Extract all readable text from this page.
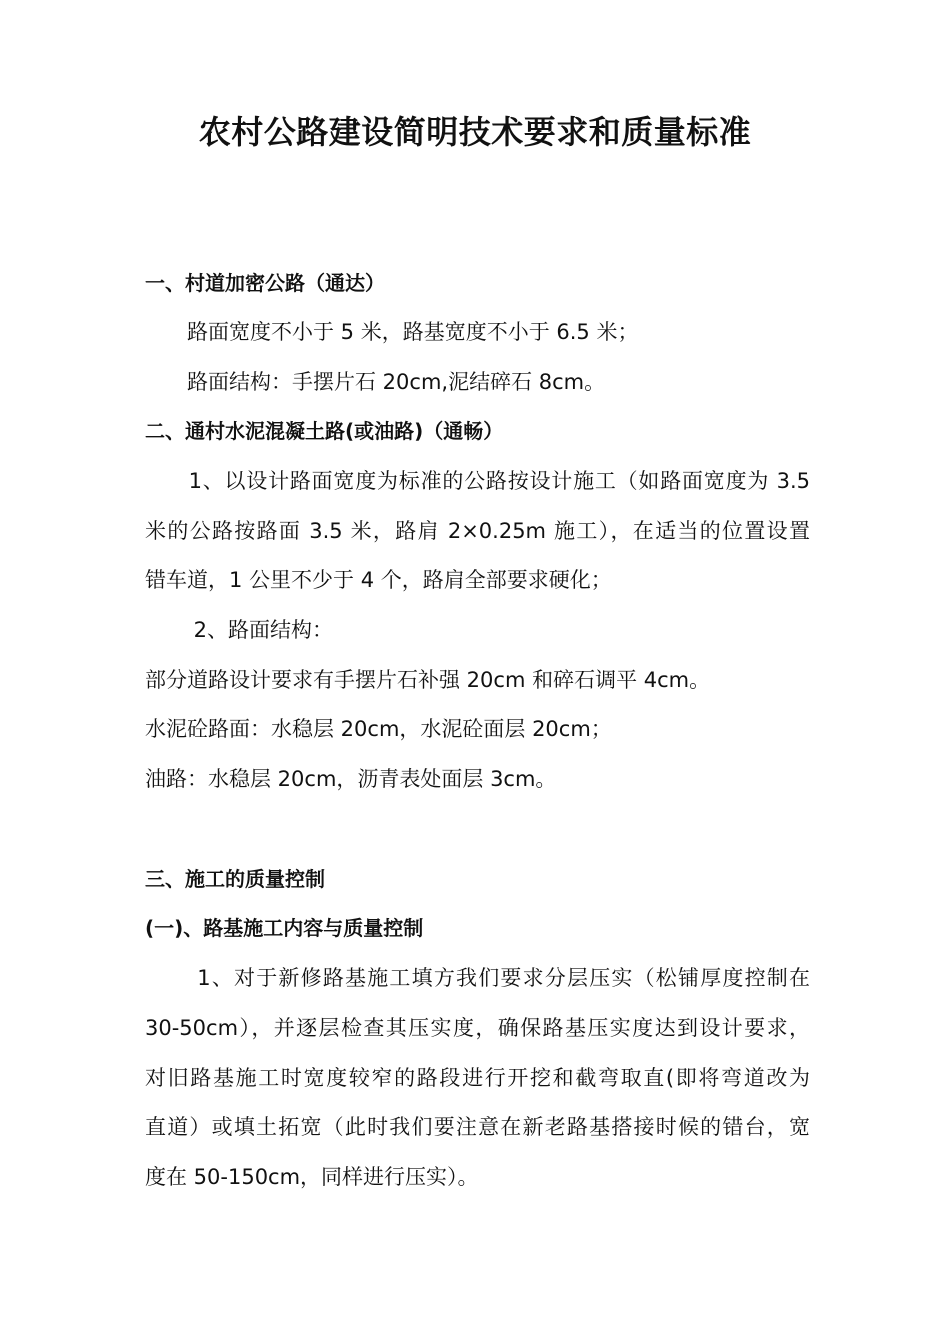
农村公路建设简明技术要求和质量标准
一、村道加密公路（通达）
　　路面宽度不小于 5 米，路基宽度不小于 6.5 米；
　　路面结构：手摆片石 20cm,泥结碎石 8cm。
二、通村水泥混凝土路(或油路)（通畅）
　　1、以设计路面宽度为标准的公路按设计施工（如路面宽度为 3.5
米的公路按路面 3.5 米，路肩 2×0.25m 施工），在适当的位置设置
错车道，1 公里不少于 4 个，路肩全部要求硬化；
　　 2、路面结构：
部分道路设计要求有手摆片石补强 20cm 和碎石调平 4cm。
水泥砼路面：水稳层 20cm，水泥砼面层 20cm；
油路：水稳层 20cm，沥青表处面层 3cm。
三、施工的质量控制
(一)、路基施工内容与质量控制
　　 1、对于新修路基施工填方我们要求分层压实（松铺厚度控制在
30-50cm），并逐层检查其压实度，确保路基压实度达到设计要求，
对旧路基施工时宽度较窄的路段进行开挖和截弯取直(即将弯道改为
直道）或填土拓宽（此时我们要注意在新老路基搭接时候的错台，宽
度在 50-150cm，同样进行压实）。
